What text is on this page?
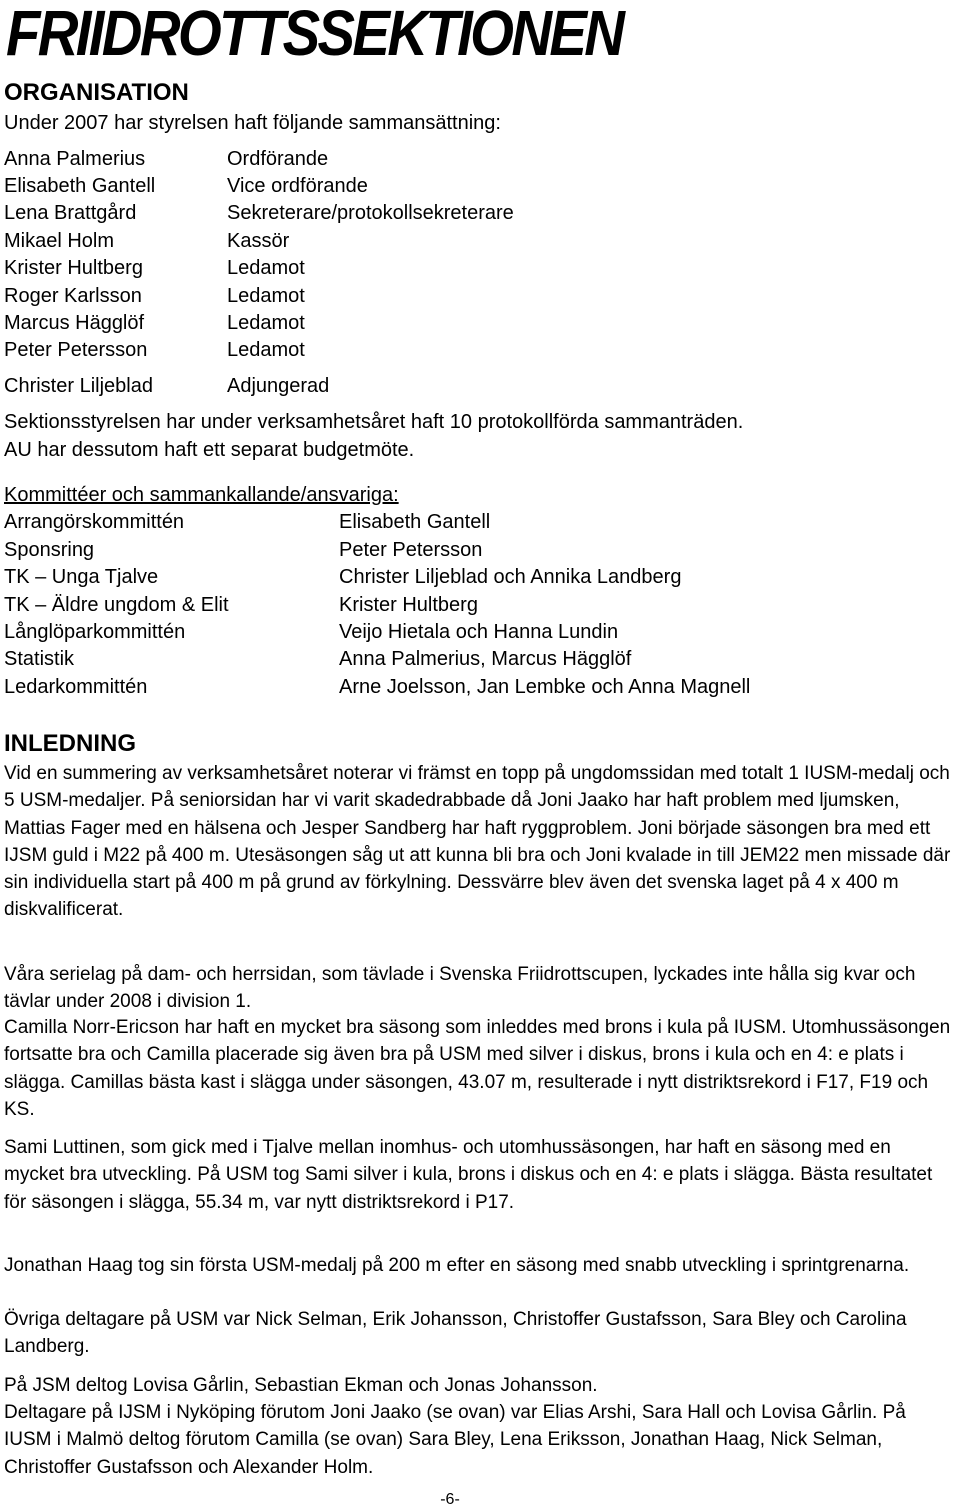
FRIIDROTTSSEKTIONEN
ORGANISATION
Under 2007 har styrelsen haft följande sammansättning:
Anna Palmerius	Ordförande
Elisabeth Gantell	Vice ordförande
Lena Brattgård	Sekreterare/protokollsekreterare
Mikael Holm	Kassör
Krister Hultberg	Ledamot
Roger Karlsson	Ledamot
Marcus Hägglöf	Ledamot
Peter Petersson	Ledamot
Christer Liljeblad	Adjungerad
Sektionsstyrelsen har under verksamhetsåret haft 10 protokollförda sammanträden.
AU har dessutom haft ett separat budgetmöte.
Kommittéer och sammankallande/ansvariga:
Arrangörskommittén	Elisabeth Gantell
Sponsring	Peter Petersson
TK – Unga Tjalve	Christer Liljeblad och Annika Landberg
TK – Äldre ungdom & Elit	Krister Hultberg
Långlöparkommittén	Veijo Hietala och Hanna Lundin
Statistik	Anna Palmerius, Marcus Hägglöf
Ledarkommittén	Arne Joelsson, Jan Lembke och Anna Magnell
INLEDNING
Vid en summering av verksamhetsåret noterar vi främst en topp på ungdomssidan med totalt 1 IUSM-medalj och 5 USM-medaljer. På seniorsidan har vi varit skadedrabbade då Joni Jaako har haft problem med ljumsken, Mattias Fager med en hälsena och Jesper Sandberg har haft ryggproblem. Joni började säsongen bra med ett IJSM guld i M22 på 400 m. Utesäsongen såg ut att kunna bli bra och Joni kvalade in till JEM22 men missade där sin individuella start på 400 m på grund av förkylning. Dessvärre blev även det svenska laget på 4 x 400 m diskvalificerat.
Våra serielag på dam- och herrsidan, som tävlade i Svenska Friidrottscupen, lyckades inte hålla sig kvar och tävlar under 2008 i division 1.
Camilla Norr-Ericson har haft en mycket bra säsong som inleddes med brons i kula på IUSM. Utomhussäsongen fortsatte bra och Camilla placerade sig även bra på USM med silver i diskus, brons i kula och en 4: e plats i slägga. Camillas bästa kast i slägga under säsongen, 43.07 m, resulterade i nytt distriktsrekord i F17, F19 och KS.
Sami Luttinen, som gick med i Tjalve mellan inomhus- och utomhussäsongen, har haft en säsong med en mycket bra utveckling. På USM tog Sami silver i kula, brons i diskus och en 4: e plats i slägga. Bästa resultatet för säsongen i slägga, 55.34 m, var nytt distriktsrekord i P17.
Jonathan Haag tog sin första USM-medalj på 200 m efter en säsong med snabb utveckling i sprintgrenarna.
Övriga deltagare på USM var Nick Selman, Erik Johansson, Christoffer Gustafsson, Sara Bley och Carolina Landberg.
På JSM deltog Lovisa Gårlin, Sebastian Ekman och Jonas Johansson.
Deltagare på IJSM i Nyköping förutom Joni Jaako (se ovan) var Elias Arshi, Sara Hall och Lovisa Gårlin. På IUSM i Malmö deltog förutom Camilla (se ovan) Sara Bley, Lena Eriksson, Jonathan Haag, Nick Selman, Christoffer Gustafsson och Alexander Holm.
-6-
